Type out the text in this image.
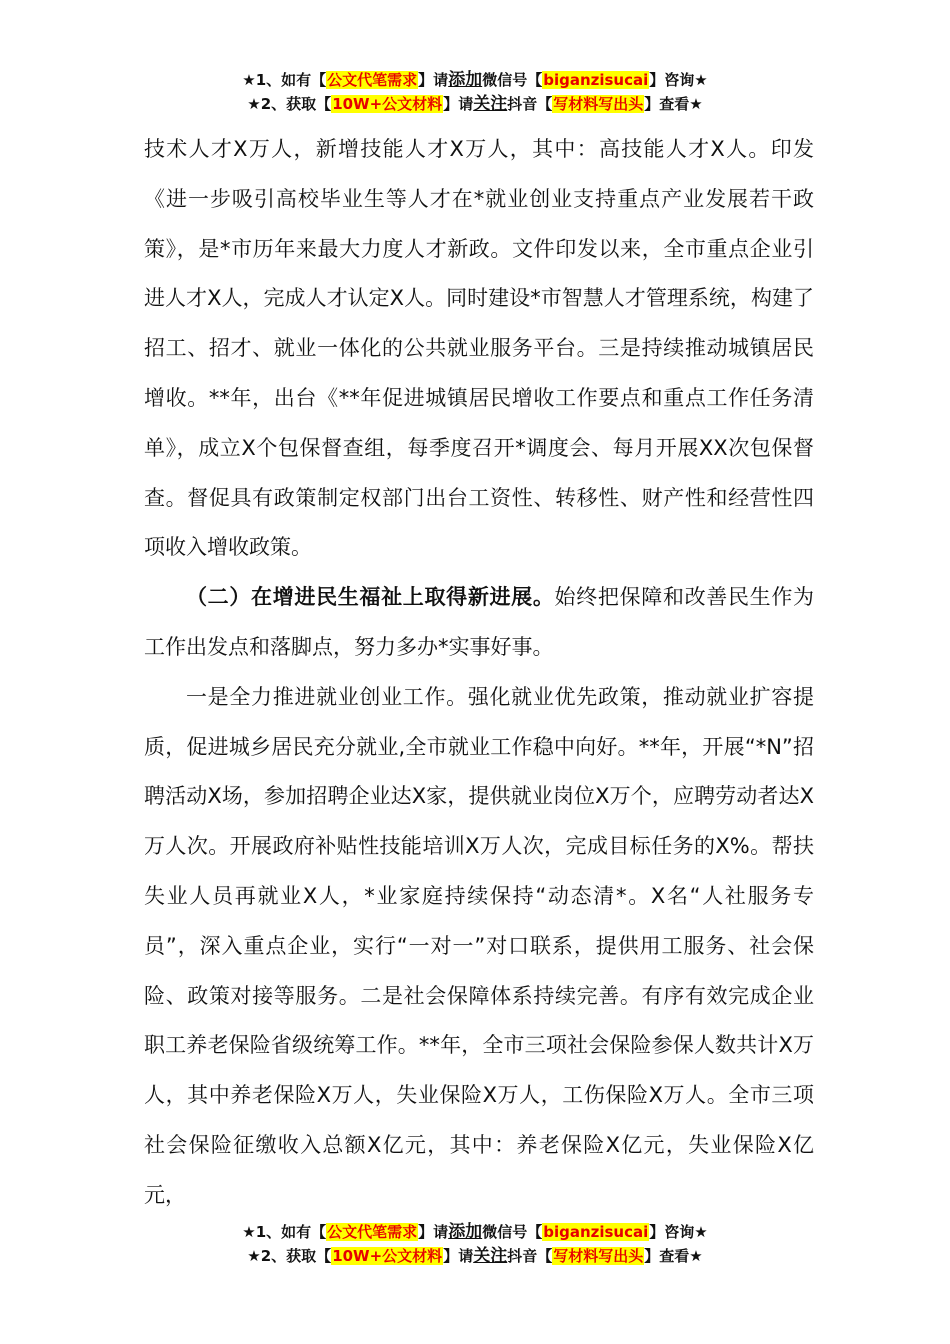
★1、如有【公文代笔需求】请添加微信号【biganzisucai】咨询★
★2、获取【10W+公文材料】请关注抖音【写材料写出头】查看★

技术人才X万人，新增技能人才X万人，其中：高技能人才X人。印发《进一步吸引高校毕业生等人才在*就业创业支持重点产业发展若干政策》，是*市历年来最大力度人才新政。文件印发以来，全市重点企业引进人才X人，完成人才认定X人。同时建设*市智慧人才管理系统，构建了招工、招才、就业一体化的公共就业服务平台。三是持续推动城镇居民增收。**年，出台《**年促进城镇居民增收工作要点和重点工作任务清单》，成立X个包保督查组，每季度召开*调度会、每月开展XX次包保督查。督促具有政策制定权部门出台工资性、转移性、财产性和经营性四项收入增收政策。

（二）在增进民生福祉上取得新进展。始终把保障和改善民生作为工作出发点和落脚点，努力多办*实事好事。

一是全力推进就业创业工作。强化就业优先政策，推动就业扩容提质，促进城乡居民充分就业,全市就业工作稳中向好。**年，开展“*N”招聘活动X场，参加招聘企业达X家，提供就业岗位X万个，应聘劳动者达X万人次。开展政府补贴性技能培训X万人次，完成目标任务的X%。帮扶失业人员再就业X人，*业家庭持续保持“动态清*。X名“人社服务专员”，深入重点企业，实行“一对一”对口联系，提供用工服务、社会保险、政策对接等服务。二是社会保障体系持续完善。有序有效完成企业职工养老保险省级统筹工作。**年，全市三项社会保险参保人数共计X万人，其中养老保险X万人，失业保险X万人，工伤保险X万人。全市三项社会保险征缴收入总额X亿元，其中：养老保险X亿元，失业保险X亿元，

★1、如有【公文代笔需求】请添加微信号【biganzisucai】咨询★
★2、获取【10W+公文材料】请关注抖音【写材料写出头】查看★
